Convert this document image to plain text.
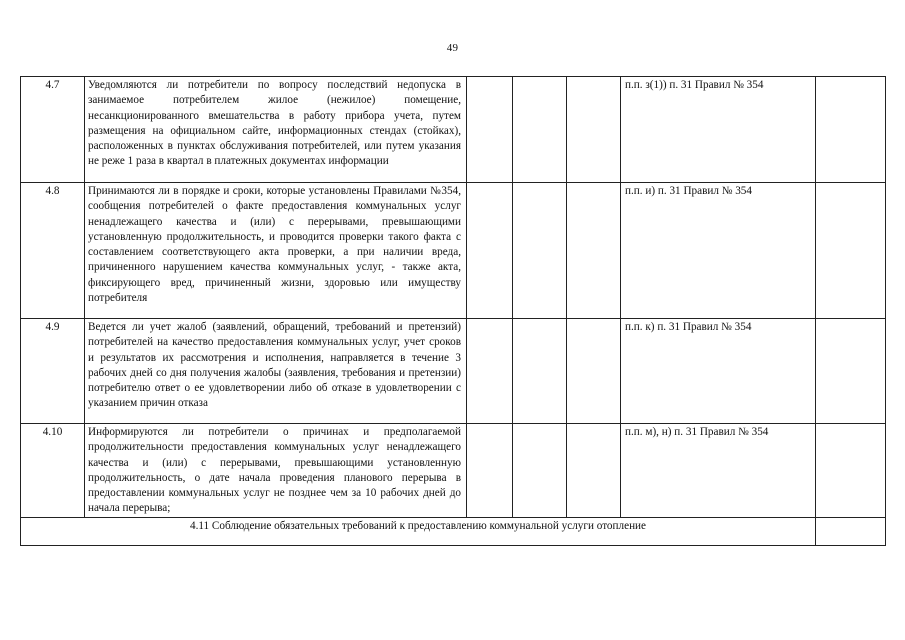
49
4.7	Уведомляются ли потребители по вопросу последствий недопуска в занимаемое потребителем жилое (нежилое) помещение, несанкционированного вмешательства в работу прибора учета, путем размещения на официальном сайте, информационных стендах (стойках), расположенных в пунктах обслуживания потребителей, или путем указания не реже 1 раза в квартал в платежных документах информации				п.п. з(1)) п. 31 Правил № 354	
4.8	Принимаются ли в порядке и сроки, которые установлены Правилами №354, сообщения потребителей о факте предоставления коммунальных услуг ненадлежащего качества и (или) с перерывами, превышающими установленную продолжительность, и проводится проверки такого факта с составлением соответствующего акта проверки, а при наличии вреда, причиненного нарушением качества коммунальных услуг, - также акта, фиксирующего вред, причиненный жизни, здоровью или имуществу потребителя				п.п. и) п. 31 Правил № 354	
4.9	Ведется ли учет жалоб (заявлений, обращений, требований и претензий) потребителей на качество предоставления коммунальных услуг, учет сроков и результатов их рассмотрения и исполнения, направляется в течение 3 рабочих дней со дня получения жалобы (заявления, требования и претензии) потребителю ответ о ее удовлетворении либо об отказе в удовлетворении с указанием причин отказа				п.п. к) п. 31 Правил № 354	
4.10	Информируются ли потребители о причинах и предполагаемой продолжительности предоставления коммунальных услуг ненадлежащего качества и (или) с перерывами, превышающими установленную продолжительность, о дате начала проведения планового перерыва в предоставлении коммунальных услуг не позднее чем за 10 рабочих дней до начала перерыва;				п.п. м), н) п. 31 Правил № 354	
4.11 Соблюдение обязательных требований к предоставлению коммунальной услуги отопление						
